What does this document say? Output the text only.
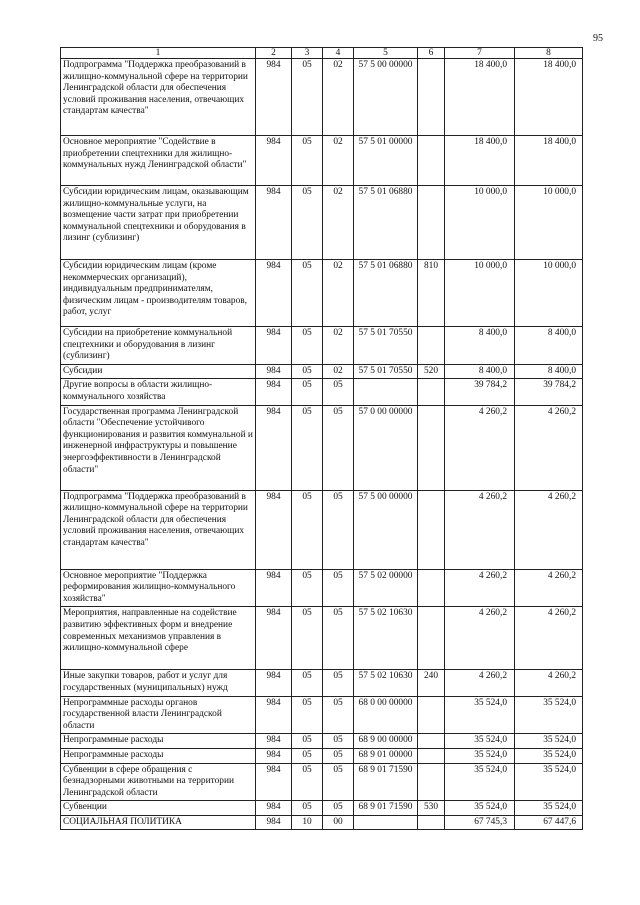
95
1	2	3	4	5	6	7	8
Подпрограмма "Поддержка преобразований в жилищно-коммунальной сфере на территории Ленинградской области для обеспечения условий проживания населения, отвечающих стандартам качества"	984	05	02	57 5 00 00000		18 400,0	18 400,0
Основное мероприятие "Содействие в приобретении спецтехники для жилищно-коммунальных нужд Ленинградской области"	984	05	02	57 5 01 00000		18 400,0	18 400,0
Субсидии юридическим лицам, оказывающим жилищно-коммунальные услуги, на возмещение части затрат при приобретении коммунальной спецтехники и оборудования в лизинг (сублизинг)	984	05	02	57 5 01 06880		10 000,0	10 000,0
Субсидии юридическим лицам (кроме некоммерческих организаций), индивидуальным предпринимателям, физическим лицам - производителям товаров, работ, услуг	984	05	02	57 5 01 06880	810	10 000,0	10 000,0
Субсидии на приобретение коммунальной спецтехники и оборудования в лизинг (сублизинг)	984	05	02	57 5 01 70550		8 400,0	8 400,0
Субсидии	984	05	02	57 5 01 70550	520	8 400,0	8 400,0
Другие вопросы в области жилищно-коммунального хозяйства	984	05	05			39 784,2	39 784,2
Государственная программа Ленинградской области "Обеспечение устойчивого функционирования и развития коммунальной и инженерной инфраструктуры и повышение энергоэффективности в Ленинградской области"	984	05	05	57 0 00 00000		4 260,2	4 260,2
Подпрограмма "Поддержка преобразований в жилищно-коммунальной сфере на территории Ленинградской области для обеспечения условий проживания населения, отвечающих стандартам качества"	984	05	05	57 5 00 00000		4 260,2	4 260,2
Основное мероприятие "Поддержка реформирования жилищно-коммунального хозяйства"	984	05	05	57 5 02 00000		4 260,2	4 260,2
Мероприятия, направленные на содействие развитию эффективных форм и внедрение современных механизмов управления в жилищно-коммунальной сфере	984	05	05	57 5 02 10630		4 260,2	4 260,2
Иные закупки товаров, работ и услуг для государственных (муниципальных) нужд	984	05	05	57 5 02 10630	240	4 260,2	4 260,2
Непрограммные расходы органов государственной власти Ленинградской области	984	05	05	68 0 00 00000		35 524,0	35 524,0
Непрограммные расходы	984	05	05	68 9 00 00000		35 524,0	35 524,0
Непрограммные расходы	984	05	05	68 9 01 00000		35 524,0	35 524,0
Субвенции в сфере обращения с безнадзорными животными на территории Ленинградской области	984	05	05	68 9 01 71590		35 524,0	35 524,0
Субвенции	984	05	05	68 9 01 71590	530	35 524,0	35 524,0
СОЦИАЛЬНАЯ ПОЛИТИКА	984	10	00			67 745,3	67 447,6
